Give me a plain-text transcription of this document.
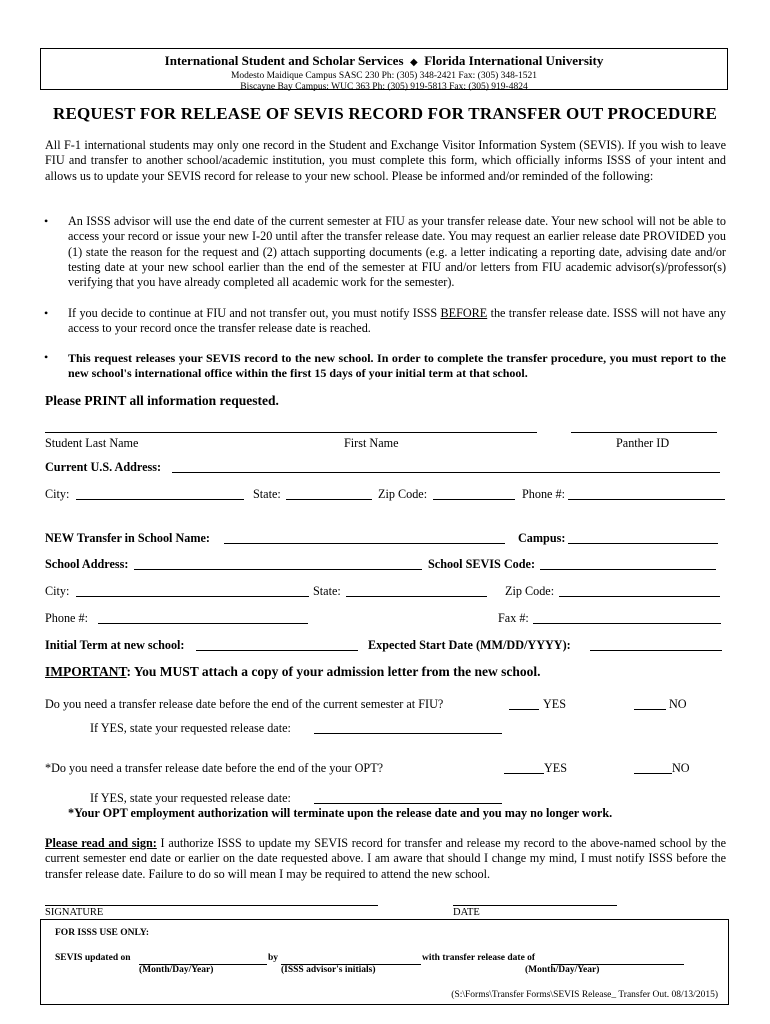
International Student and Scholar Services ◆ Florida International University
Modesto Maidique Campus SASC 230 Ph: (305) 348-2421 Fax: (305) 348-1521
Biscayne Bay Campus: WUC 363 Ph: (305) 919-5813 Fax: (305) 919-4824
REQUEST FOR RELEASE OF SEVIS RECORD FOR TRANSFER OUT PROCEDURE
All F-1 international students may only one record in the Student and Exchange Visitor Information System (SEVIS). If you wish to leave FIU and transfer to another school/academic institution, you must complete this form, which officially informs ISSS of your intent and allows us to update your SEVIS record for release to your new school. Please be informed and/or reminded of the following:
• An ISSS advisor will use the end date of the current semester at FIU as your transfer release date. Your new school will not be able to access your record or issue your new I-20 until after the transfer release date. You may request an earlier release date PROVIDED you (1) state the reason for the request and (2) attach supporting documents (e.g. a letter indicating a reporting date, advising date and/or testing date at your new school earlier than the end of the semester at FIU and/or letters from FIU academic advisor(s)/professor(s) verifying that you have already completed all academic work for the semester).
• If you decide to continue at FIU and not transfer out, you must notify ISSS BEFORE the transfer release date. ISSS will not have any access to your record once the transfer release date is reached.
• This request releases your SEVIS record to the new school. In order to complete the transfer procedure, you must report to the new school's international office within the first 15 days of your initial term at that school.
Please PRINT all information requested.
Student Last Name	First Name	Panther ID
Current U.S. Address:
City:	State:	Zip Code:	Phone #:
NEW Transfer in School Name:	Campus:
School Address:	School SEVIS Code:
City:	State:	Zip Code:
Phone #:	Fax #:
Initial Term at new school:	Expected Start Date (MM/DD/YYYY):
IMPORTANT: You MUST attach a copy of your admission letter from the new school.
Do you need a transfer release date before the end of the current semester at FIU?	YES	NO
If YES, state your requested release date:
*Do you need a transfer release date before the end of the your OPT?	YES	NO
If YES, state your requested release date:
*Your OPT employment authorization will terminate upon the release date and you may no longer work.
Please read and sign: I authorize ISSS to update my SEVIS record for transfer and release my record to the above-named school by the current semester end date or earlier on the date requested above. I am aware that should I change my mind, I must notify ISSS before the transfer release date. Failure to do so will mean I may be required to attend the new school.
SIGNATURE	DATE
FOR ISSS USE ONLY:
SEVIS updated on	by	with transfer release date of
(Month/Day/Year)	(ISSS advisor's initials)	(Month/Day/Year)
(S:\Forms\Transfer Forms\SEVIS Release_ Transfer Out. 08/13/2015)
